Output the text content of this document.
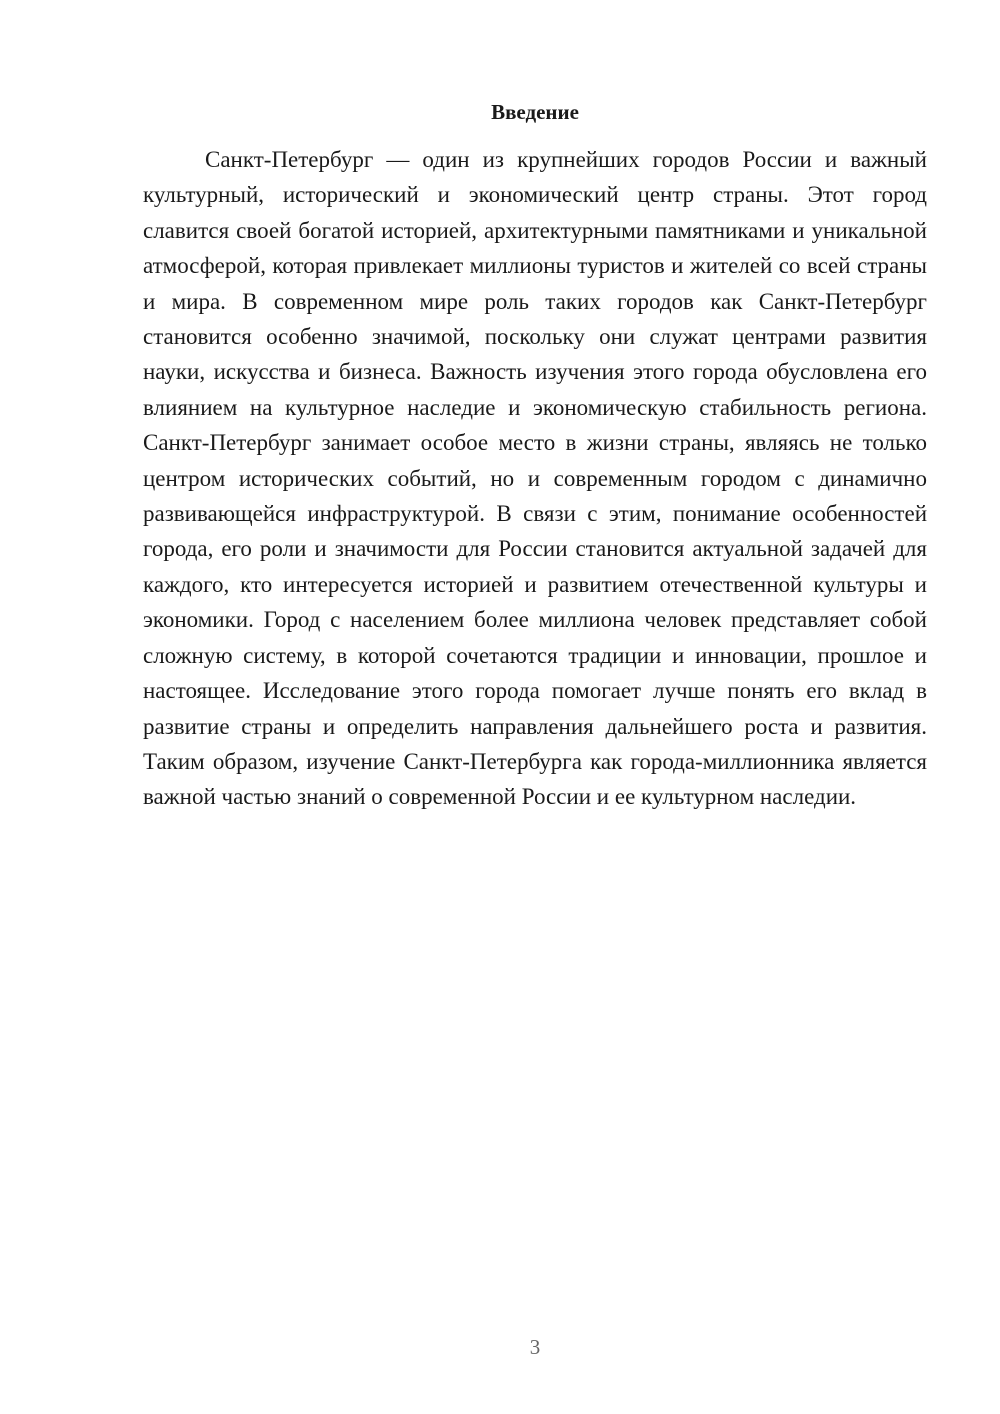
Введение

Санкт-Петербург — один из крупнейших городов России и важный культурный, исторический и экономический центр страны. Этот город славится своей богатой историей, архитектурными памятниками и уникальной атмосферой, которая привлекает миллионы туристов и жителей со всей страны и мира. В современном мире роль таких городов как Санкт-Петербург становится особенно значимой, поскольку они служат центрами развития науки, искусства и бизнеса. Важность изучения этого города обусловлена его влиянием на культурное наследие и экономическую стабильность региона. Санкт-Петербург занимает особое место в жизни страны, являясь не только центром исторических событий, но и современным городом с динамично развивающейся инфраструктурой. В связи с этим, понимание особенностей города, его роли и значимости для России становится актуальной задачей для каждого, кто интересуется историей и развитием отечественной культуры и экономики. Город с населением более миллиона человек представляет собой сложную систему, в которой сочетаются традиции и инновации, прошлое и настоящее. Исследование этого города помогает лучше понять его вклад в развитие страны и определить направления дальнейшего роста и развития. Таким образом, изучение Санкт-Петербурга как города-миллионника является важной частью знаний о современной России и ее культурном наследии.

3
